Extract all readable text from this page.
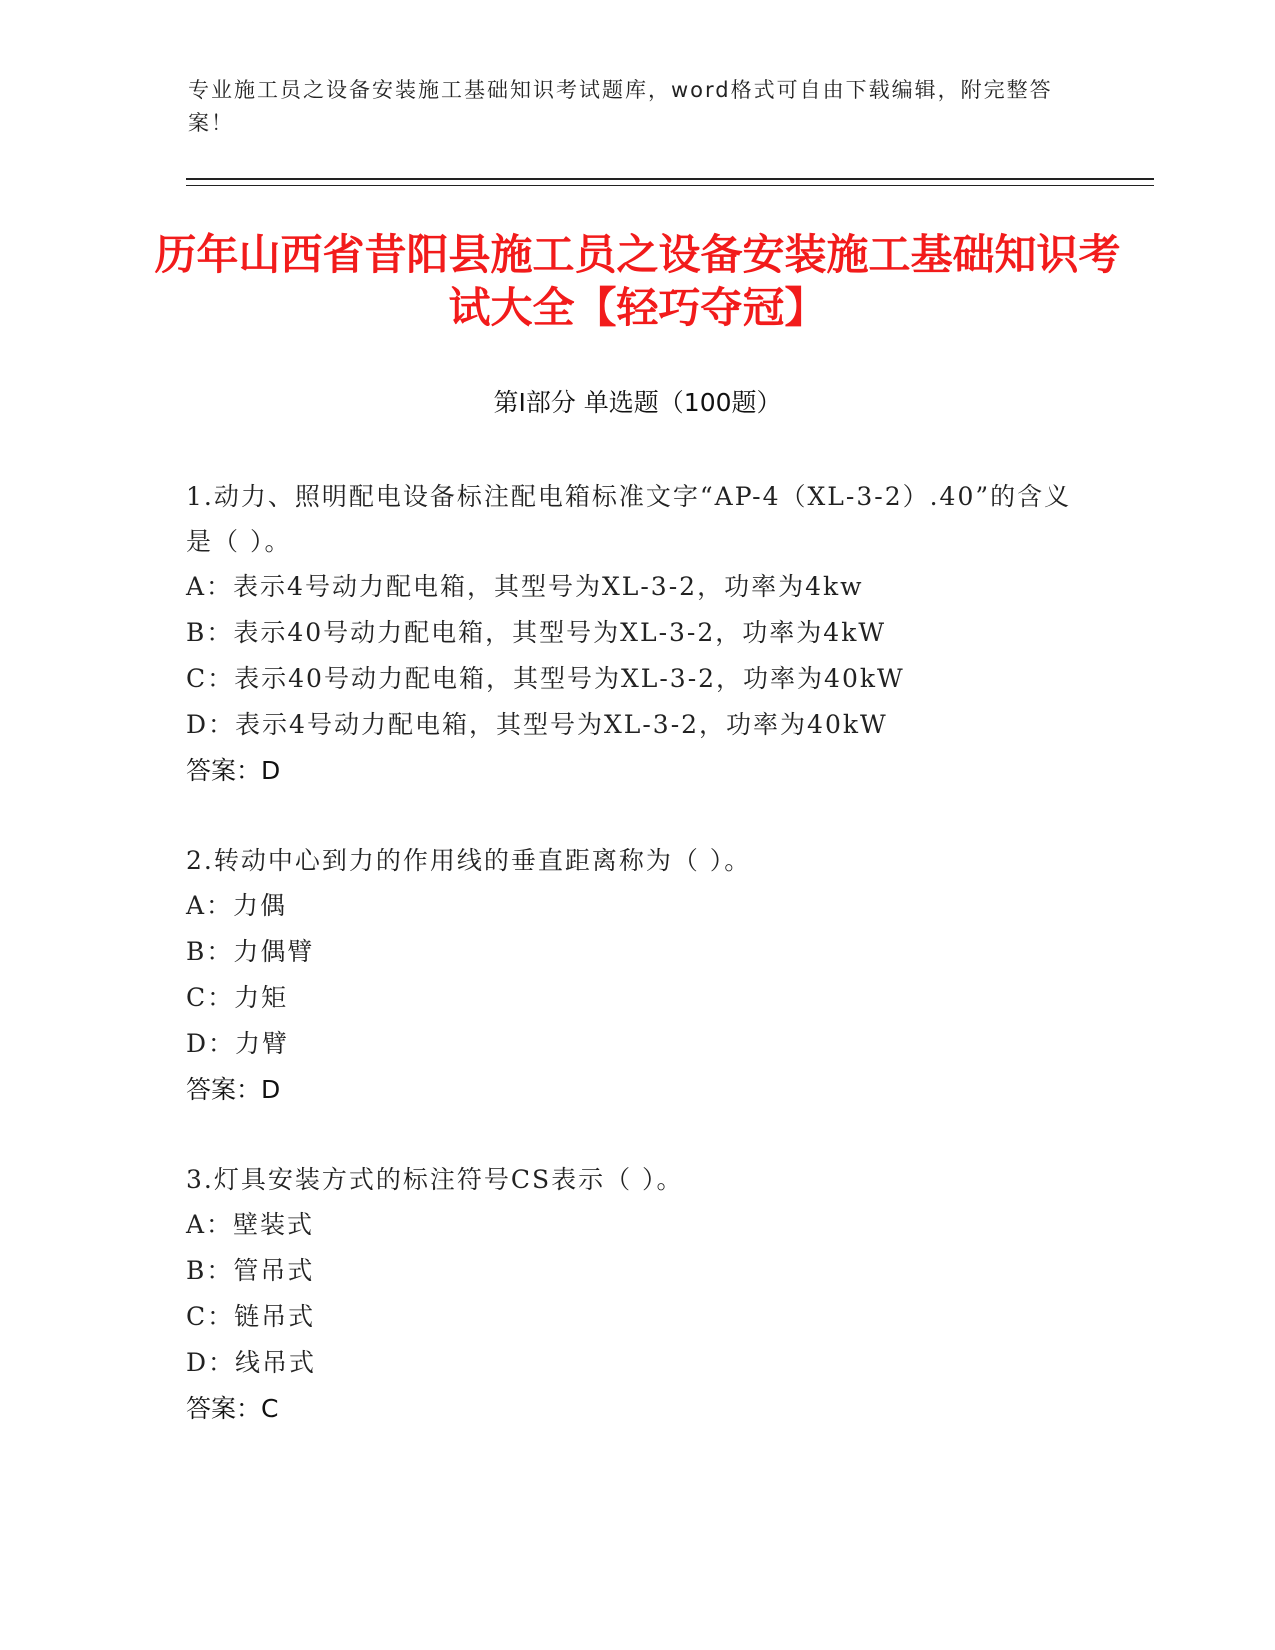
专业施工员之设备安装施工基础知识考试题库，word格式可自由下载编辑，附完整答案！
历年山西省昔阳县施工员之设备安装施工基础知识考试大全【轻巧夺冠】
第Ⅰ部分 单选题（100题）
1.动力、照明配电设备标注配电箱标准文字“AP-4（XL-3-2）.40”的含义是（ ）。
A：表示4号动力配电箱，其型号为XL-3-2，功率为4kw
B：表示40号动力配电箱，其型号为XL-3-2，功率为4kW
C：表示40号动力配电箱，其型号为XL-3-2，功率为40kW
D：表示4号动力配电箱，其型号为XL-3-2，功率为40kW
答案：D
2.转动中心到力的作用线的垂直距离称为（ ）。
A：力偶
B：力偶臂
C：力矩
D：力臂
答案：D
3.灯具安装方式的标注符号CS表示（ ）。
A：壁装式
B：管吊式
C：链吊式
D：线吊式
答案：C
